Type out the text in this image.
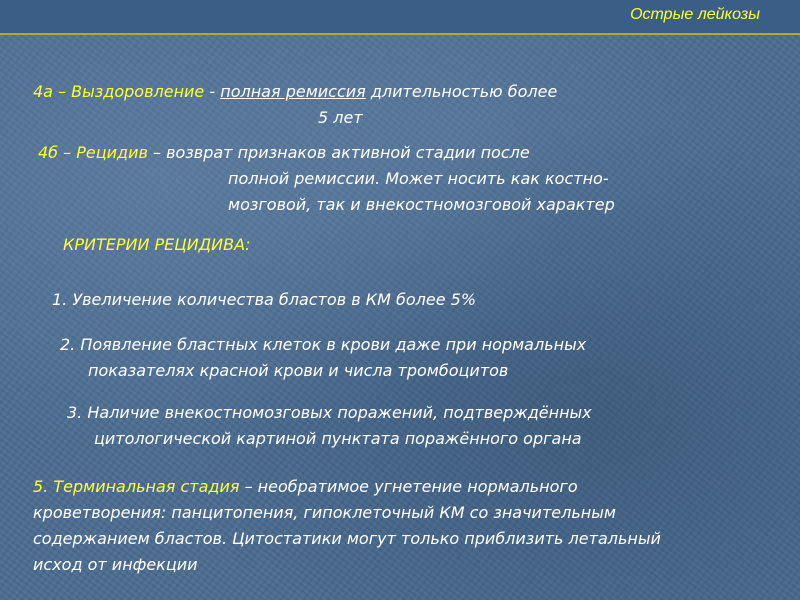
Острые лейкозы
4а – Выздоровление - полная ремиссия длительностью более
5 лет
4б – Рецидив – возврат признаков активной стадии после
полной ремиссии. Может носить как костно-
мозговой, так и внекостномозговой характер
КРИТЕРИИ РЕЦИДИВА:
1. Увеличение количества бластов в КМ более 5%
2. Появление бластных клеток в крови даже при нормальных
показателях красной крови и числа тромбоцитов
3. Наличие внекостномозговых поражений, подтверждённых
цитологической картиной пунктата поражённого органа
5. Терминальная стадия – необратимое угнетение нормального
кроветворения: панцитопения, гипоклеточный КМ со значительным
содержанием бластов. Цитостатики могут только приблизить летальный
исход от инфекции
